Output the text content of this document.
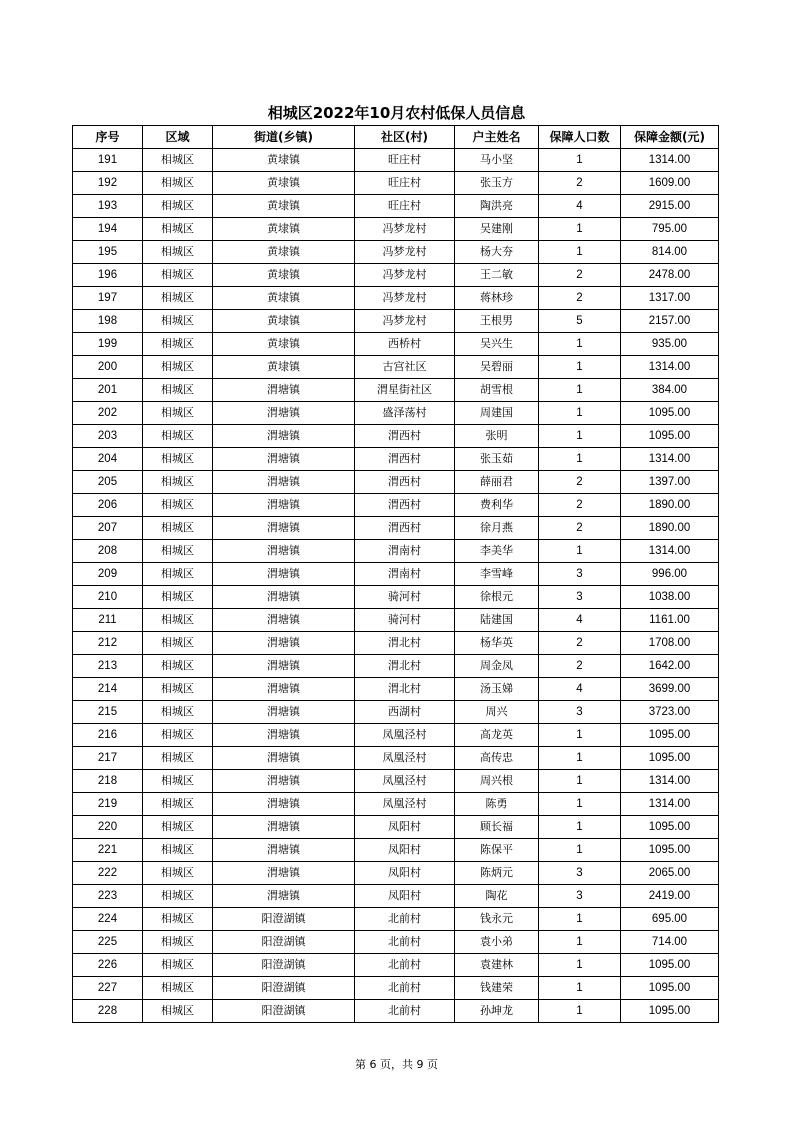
相城区2022年10月农村低保人员信息
序号	区域	街道(乡镇)	社区(村)	户主姓名	保障人口数	保障金额(元)
191	相城区	黄埭镇	旺庄村	马小坚	1	1314.00
192	相城区	黄埭镇	旺庄村	张玉方	2	1609.00
193	相城区	黄埭镇	旺庄村	陶洪亮	4	2915.00
194	相城区	黄埭镇	冯梦龙村	吴建刚	1	795.00
195	相城区	黄埭镇	冯梦龙村	杨大夯	1	814.00
196	相城区	黄埭镇	冯梦龙村	王二敏	2	2478.00
197	相城区	黄埭镇	冯梦龙村	蒋林珍	2	1317.00
198	相城区	黄埭镇	冯梦龙村	王根男	5	2157.00
199	相城区	黄埭镇	西桥村	吴兴生	1	935.00
200	相城区	黄埭镇	古宫社区	吴碧丽	1	1314.00
201	相城区	渭塘镇	渭星街社区	胡雪根	1	384.00
202	相城区	渭塘镇	盛泽荡村	周建国	1	1095.00
203	相城区	渭塘镇	渭西村	张明	1	1095.00
204	相城区	渭塘镇	渭西村	张玉茹	1	1314.00
205	相城区	渭塘镇	渭西村	薛丽君	2	1397.00
206	相城区	渭塘镇	渭西村	费利华	2	1890.00
207	相城区	渭塘镇	渭西村	徐月燕	2	1890.00
208	相城区	渭塘镇	渭南村	李美华	1	1314.00
209	相城区	渭塘镇	渭南村	李雪峰	3	996.00
210	相城区	渭塘镇	骑河村	徐根元	3	1038.00
211	相城区	渭塘镇	骑河村	陆建国	4	1161.00
212	相城区	渭塘镇	渭北村	杨华英	2	1708.00
213	相城区	渭塘镇	渭北村	周金凤	2	1642.00
214	相城区	渭塘镇	渭北村	汤玉娣	4	3699.00
215	相城区	渭塘镇	西湖村	周兴	3	3723.00
216	相城区	渭塘镇	凤凰泾村	高龙英	1	1095.00
217	相城区	渭塘镇	凤凰泾村	高传忠	1	1095.00
218	相城区	渭塘镇	凤凰泾村	周兴根	1	1314.00
219	相城区	渭塘镇	凤凰泾村	陈勇	1	1314.00
220	相城区	渭塘镇	凤阳村	顾长福	1	1095.00
221	相城区	渭塘镇	凤阳村	陈保平	1	1095.00
222	相城区	渭塘镇	凤阳村	陈炳元	3	2065.00
223	相城区	渭塘镇	凤阳村	陶花	3	2419.00
224	相城区	阳澄湖镇	北前村	钱永元	1	695.00
225	相城区	阳澄湖镇	北前村	袁小弟	1	714.00
226	相城区	阳澄湖镇	北前村	袁建林	1	1095.00
227	相城区	阳澄湖镇	北前村	钱建荣	1	1095.00
228	相城区	阳澄湖镇	北前村	孙坤龙	1	1095.00
第 6 页，共 9 页
